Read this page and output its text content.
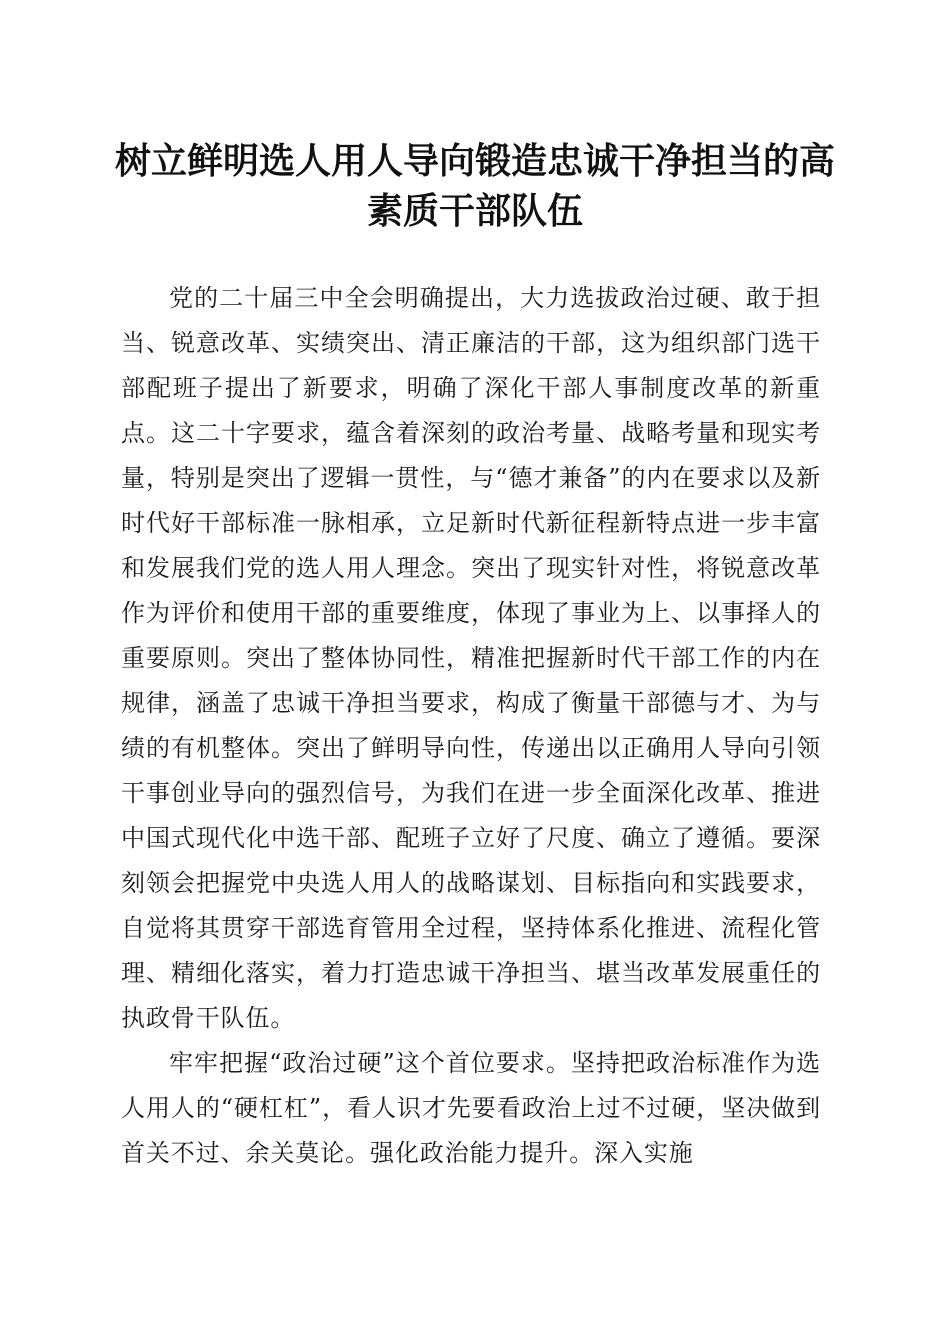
树立鲜明选人用人导向锻造忠诚干净担当的高
素质干部队伍

党的二十届三中全会明确提出，大力选拔政治过硬、敢于担当、锐意改革、实绩突出、清正廉洁的干部，这为组织部门选干部配班子提出了新要求，明确了深化干部人事制度改革的新重点。这二十字要求，蕴含着深刻的政治考量、战略考量和现实考量，特别是突出了逻辑一贯性，与“德才兼备”的内在要求以及新时代好干部标准一脉相承，立足新时代新征程新特点进一步丰富和发展我们党的选人用人理念。突出了现实针对性，将锐意改革作为评价和使用干部的重要维度，体现了事业为上、以事择人的重要原则。突出了整体协同性，精准把握新时代干部工作的内在规律，涵盖了忠诚干净担当要求，构成了衡量干部德与才、为与绩的有机整体。突出了鲜明导向性，传递出以正确用人导向引领干事创业导向的强烈信号，为我们在进一步全面深化改革、推进中国式现代化中选干部、配班子立好了尺度、确立了遵循。要深刻领会把握党中央选人用人的战略谋划、目标指向和实践要求，自觉将其贯穿干部选育管用全过程，坚持体系化推进、流程化管理、精细化落实，着力打造忠诚干净担当、堪当改革发展重任的执政骨干队伍。

牢牢把握“政治过硬”这个首位要求。坚持把政治标准作为选人用人的“硬杠杠”，看人识才先要看政治上过不过硬，坚决做到首关不过、余关莫论。强化政治能力提升。深入实施
